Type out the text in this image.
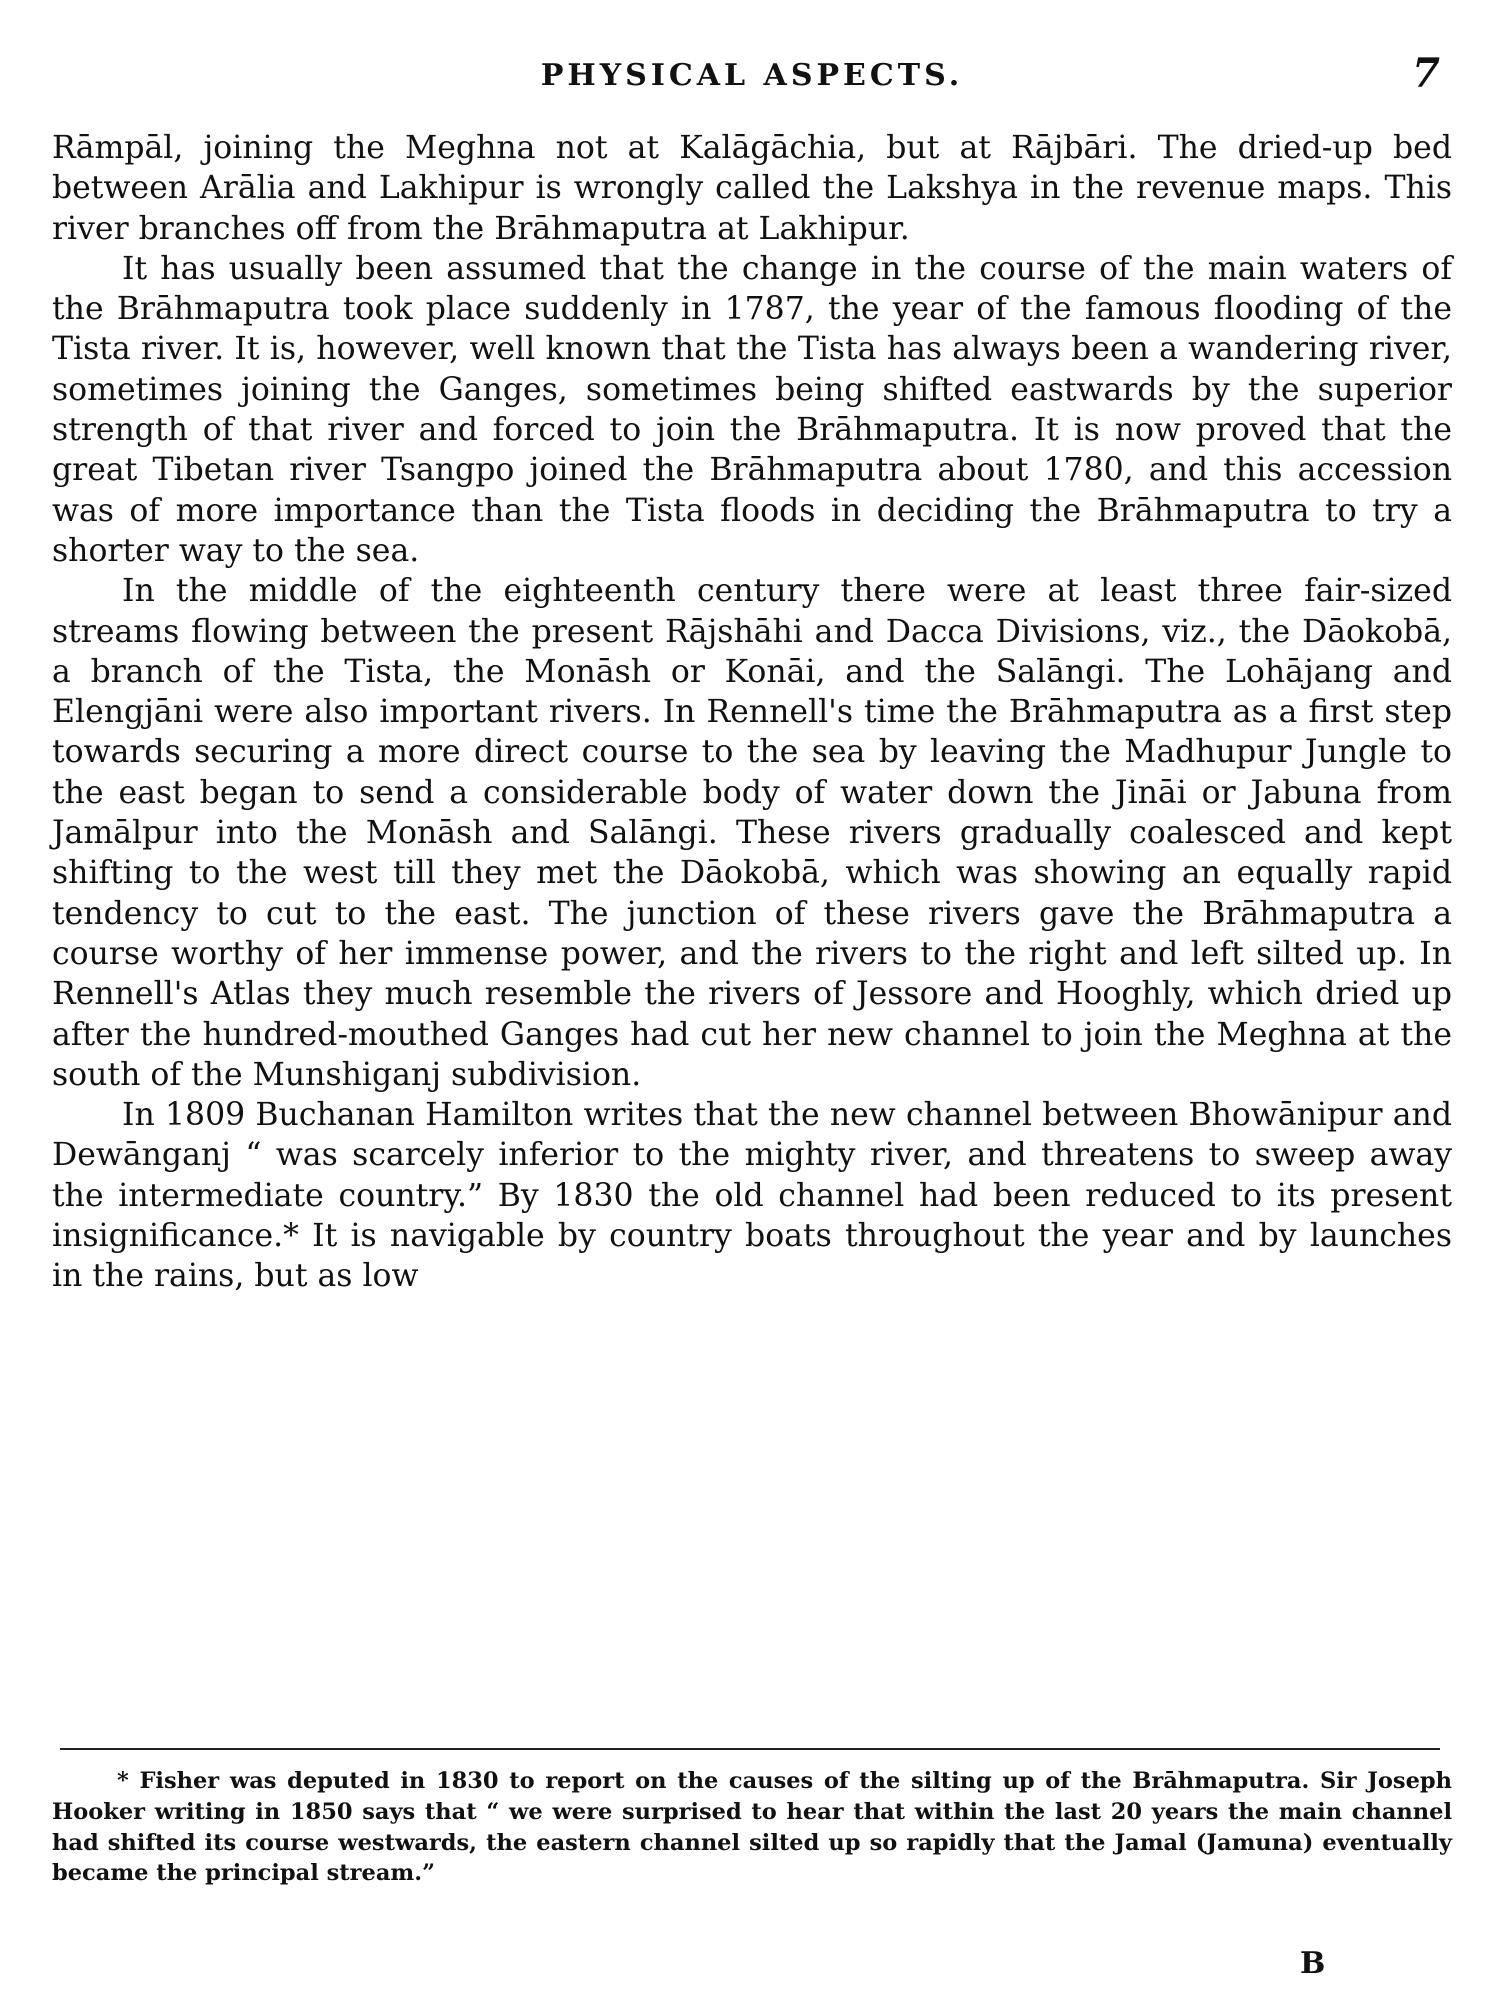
PHYSICAL ASPECTS.	7

Rāmpāl, joining the Meghna not at Kalāgāchia, but at Rājbāri. The dried-up bed between Arālia and Lakhipur is wrongly called the Lakshya in the revenue maps. This river branches off from the Brāhmaputra at Lakhipur.

It has usually been assumed that the change in the course of the main waters of the Brāhmaputra took place suddenly in 1787, the year of the famous flooding of the Tista river. It is, however, well known that the Tista has always been a wandering river, sometimes joining the Ganges, sometimes being shifted eastwards by the superior strength of that river and forced to join the Brāhmaputra. It is now proved that the great Tibetan river Tsangpo joined the Brāhmaputra about 1780, and this accession was of more importance than the Tista floods in deciding the Brāhmaputra to try a shorter way to the sea.

In the middle of the eighteenth century there were at least three fair-sized streams flowing between the present Rājshāhi and Dacca Divisions, viz., the Dāokobā, a branch of the Tista, the Monāsh or Konāi, and the Salāngi. The Lohājang and Elengjāni were also important rivers. In Rennell's time the Brāhmaputra as a first step towards securing a more direct course to the sea by leaving the Madhupur Jungle to the east began to send a considerable body of water down the Jināi or Jabuna from Jamālpur into the Monāsh and Salāngi. These rivers gradually coalesced and kept shifting to the west till they met the Dāokobā, which was showing an equally rapid tendency to cut to the east. The junction of these rivers gave the Brāhmaputra a course worthy of her immense power, and the rivers to the right and left silted up. In Rennell's Atlas they much resemble the rivers of Jessore and Hooghly, which dried up after the hundred-mouthed Ganges had cut her new channel to join the Meghna at the south of the Munshiganj subdivision.

In 1809 Buchanan Hamilton writes that the new channel between Bhowānipur and Dewānganj “ was scarcely inferior to the mighty river, and threatens to sweep away the intermediate country.” By 1830 the old channel had been reduced to its present insignificance.* It is navigable by country boats throughout the year and by launches in the rains, but as low

* Fisher was deputed in 1830 to report on the causes of the silting up of the Brāhmaputra. Sir Joseph Hooker writing in 1850 says that “ we were surprised to hear that within the last 20 years the main channel had shifted its course westwards, the eastern channel silted up so rapidly that the Jamal (Jamuna) eventually became the principal stream.”

B
